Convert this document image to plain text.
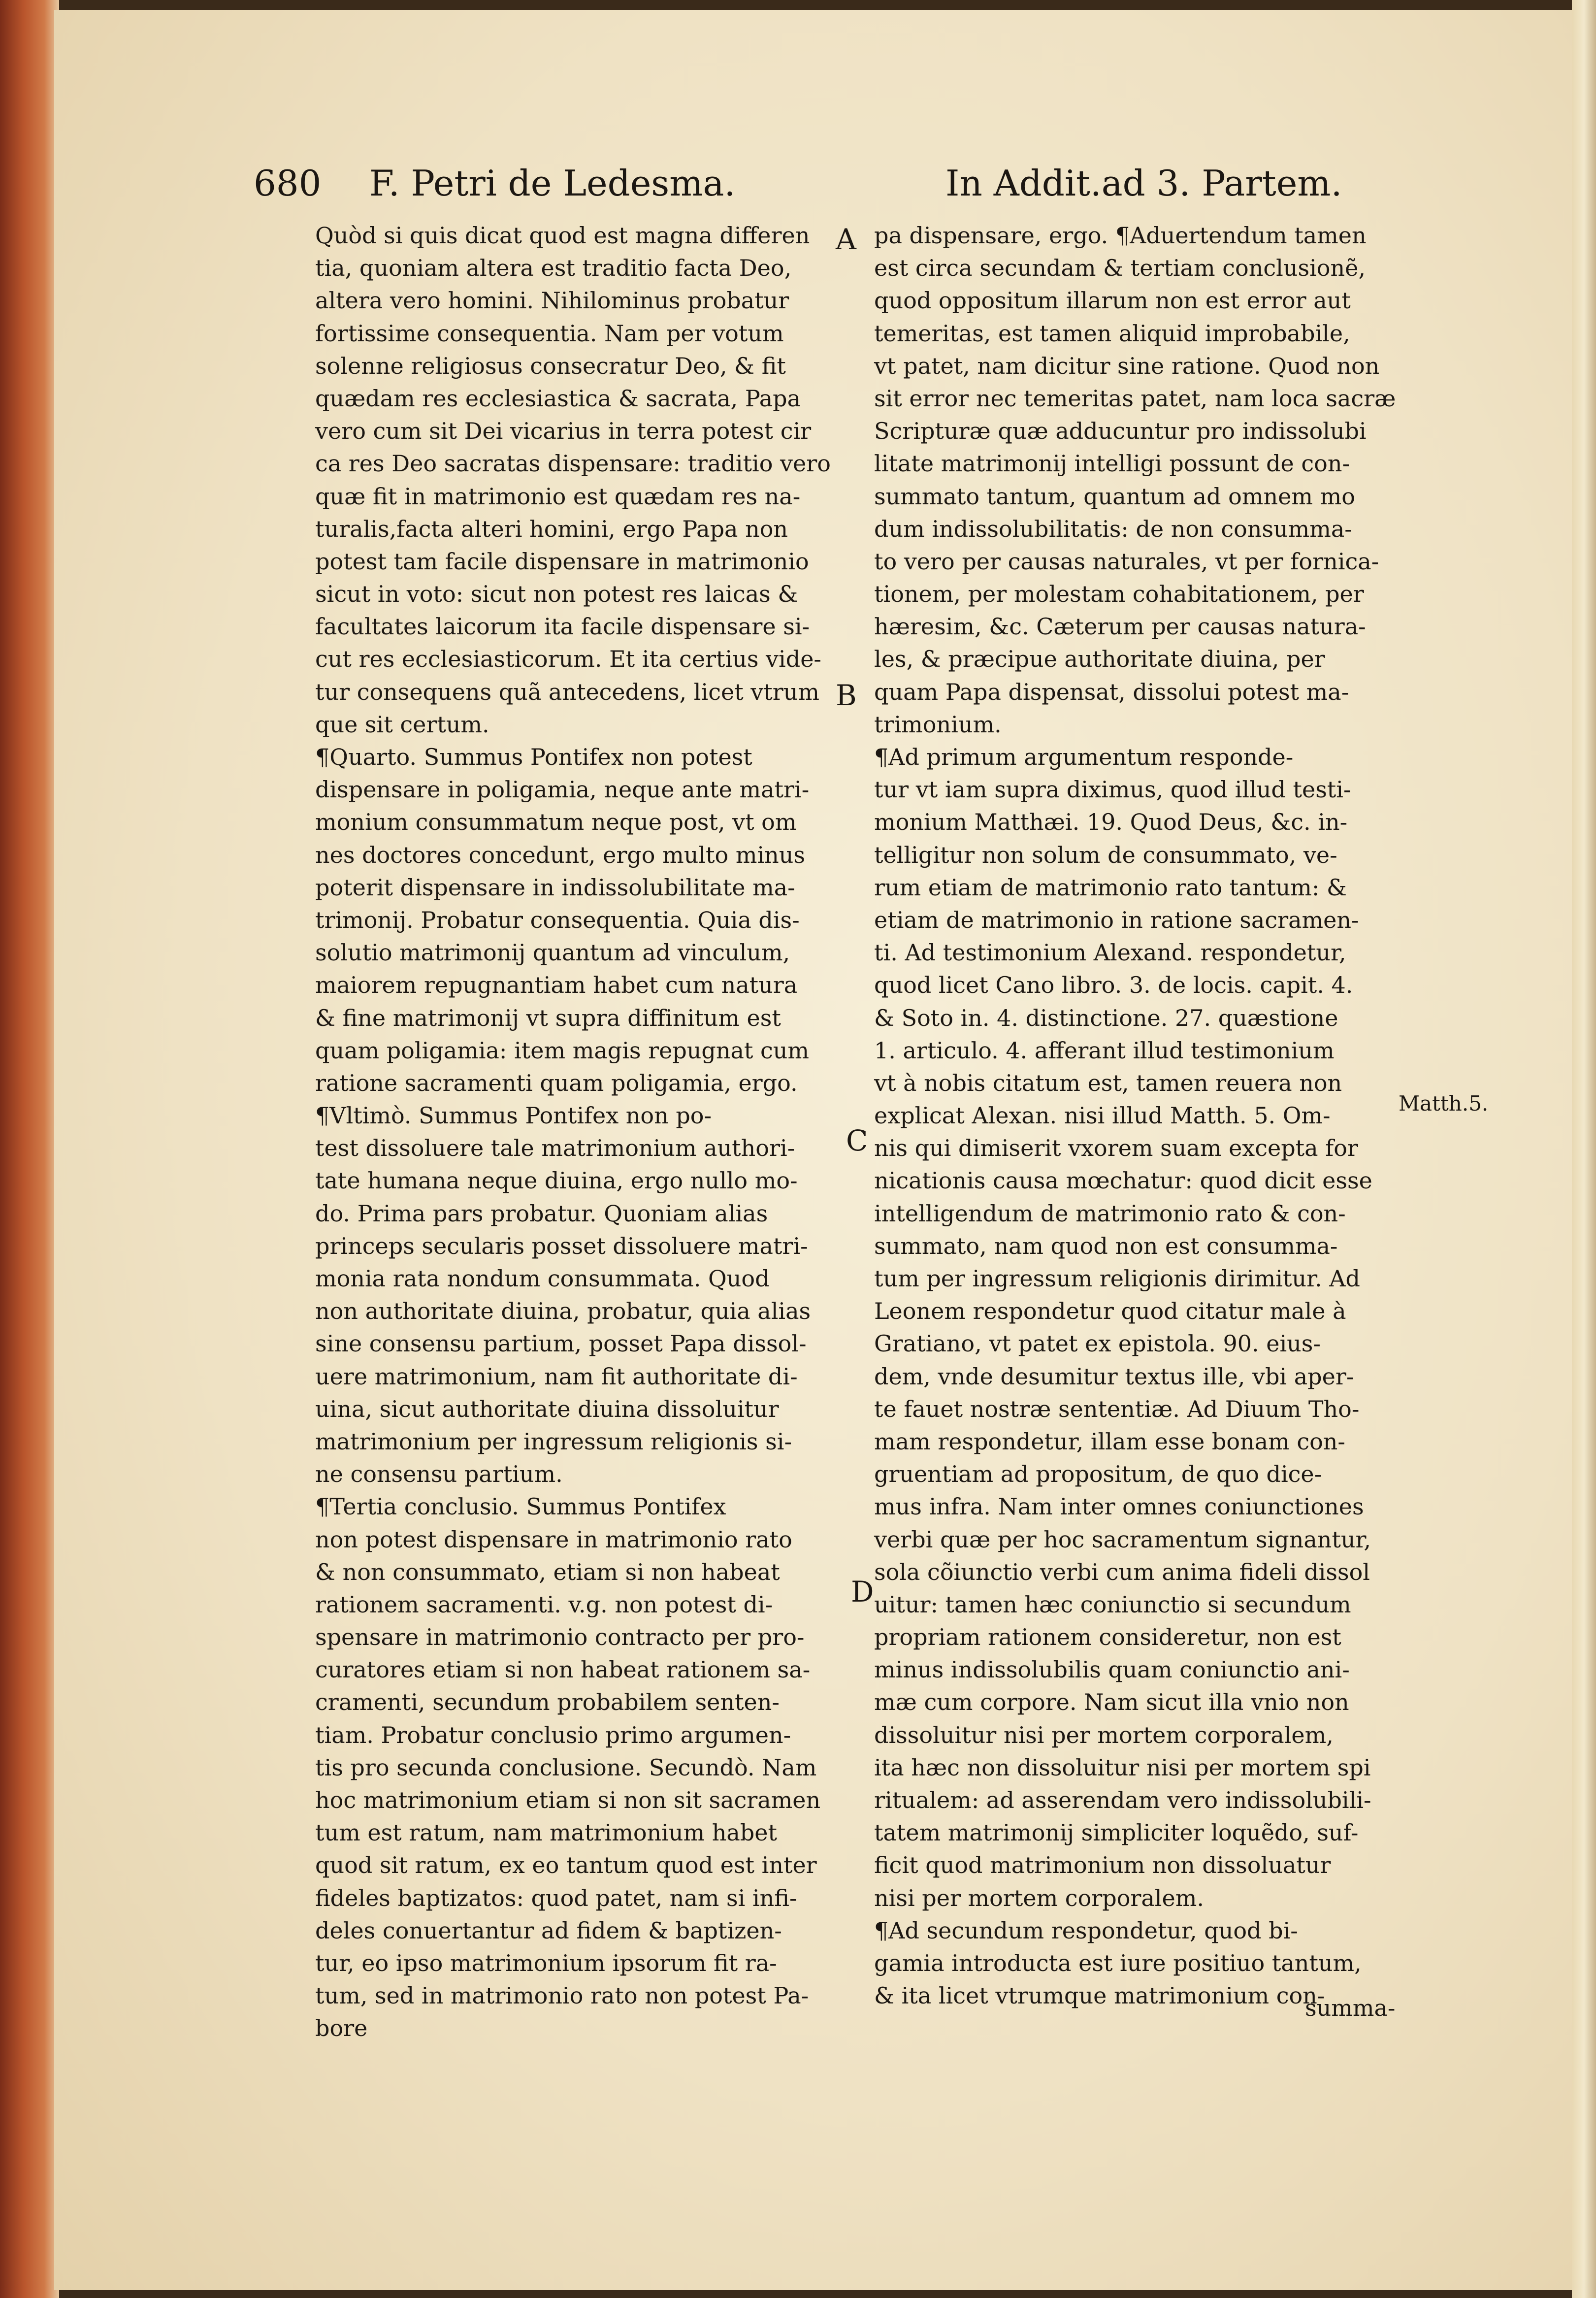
680 F. Petri de Ledesma.	In Addit.ad 3. Partem.
Quòd si quis dicat quod est magna differen
tia, quoniam altera est traditio facta Deo,
altera vero homini. Nihilominus probatur
fortissime consequentia. Nam per votum
solenne religiosus consecratur Deo, & fit
quædam res ecclesiastica & sacrata, Papa
vero cum sit Dei vicarius in terra potest cir
ca res Deo sacratas dispensare: traditio vero
quæ fit in matrimonio est quædam res na-
turalis,facta alteri homini, ergo Papa non
potest tam facile dispensare in matrimonio
sicut in voto: sicut non potest res laicas &
facultates laicorum ita facile dispensare si-
cut res ecclesiasticorum. Et ita certius vide-
tur consequens quã antecedens, licet vtrum
que sit certum.
¶Quarto. Summus Pontifex non potest
dispensare in poligamia, neque ante matri-
monium consummatum neque post, vt om
nes doctores concedunt, ergo multo minus
poterit dispensare in indissolubilitate ma-
trimonij. Probatur consequentia. Quia dis-
solutio matrimonij quantum ad vinculum,
maiorem repugnantiam habet cum natura
& fine matrimonij vt supra diffinitum est
quam poligamia: item magis repugnat cum
ratione sacramenti quam poligamia, ergo.
¶Vltimò. Summus Pontifex non po-
test dissoluere tale matrimonium authori-
tate humana neque diuina, ergo nullo mo-
do. Prima pars probatur. Quoniam alias
princeps secularis posset dissoluere matri-
monia rata nondum consummata. Quod
non authoritate diuina, probatur, quia alias
sine consensu partium, posset Papa dissol-
uere matrimonium, nam fit authoritate di-
uina, sicut authoritate diuina dissoluitur
matrimonium per ingressum religionis si-
ne consensu partium.
¶Tertia conclusio. Summus Pontifex
non potest dispensare in matrimonio rato
& non consummato, etiam si non habeat
rationem sacramenti. v.g. non potest di-
spensare in matrimonio contracto per pro-
curatores etiam si non habeat rationem sa-
cramenti, secundum probabilem senten-
tiam. Probatur conclusio primo argumen-
tis pro secunda conclusione. Secundò. Nam
hoc matrimonium etiam si non sit sacramen
tum est ratum, nam matrimonium habet
quod sit ratum, ex eo tantum quod est inter
fideles baptizatos: quod patet, nam si infi-
deles conuertantur ad fidem & baptizen-
tur, eo ipso matrimonium ipsorum fit ra-
tum, sed in matrimonio rato non potest Pa-
bore
pa dispensare, ergo. ¶Aduertendum tamen
est circa secundam & tertiam conclusionẽ,
quod oppositum illarum non est error aut
temeritas, est tamen aliquid improbabile,
vt patet, nam dicitur sine ratione. Quod non
sit error nec temeritas patet, nam loca sacræ
Scripturæ quæ adducuntur pro indissolubi
litate matrimonij intelligi possunt de con-
summato tantum, quantum ad omnem mo
dum indissolubilitatis: de non consumma-
to vero per causas naturales, vt per fornica-
tionem, per molestam cohabitationem, per
hæresim, &c. Cæterum per causas natura-
les, & præcipue authoritate diuina, per
quam Papa dispensat, dissolui potest ma-
trimonium.
¶Ad primum argumentum responde-
tur vt iam supra diximus, quod illud testi-
monium Matthæi. 19. Quod Deus, &c. in-
telligitur non solum de consummato, ve-
rum etiam de matrimonio rato tantum: &
etiam de matrimonio in ratione sacramen-
ti. Ad testimonium Alexand. respondetur,
quod licet Cano libro. 3. de locis. capit. 4.
& Soto in. 4. distinctione. 27. quæstione
1. articulo. 4. afferant illud testimonium
vt à nobis citatum est, tamen reuera non
explicat Alexan. nisi illud Matth. 5. Om-
nis qui dimiserit vxorem suam excepta for
nicationis causa mœchatur: quod dicit esse
intelligendum de matrimonio rato & con-
summato, nam quod non est consumma-
tum per ingressum religionis dirimitur. Ad
Leonem respondetur quod citatur male à
Gratiano, vt patet ex epistola. 90. eius-
dem, vnde desumitur textus ille, vbi aper-
te fauet nostræ sententiæ. Ad Diuum Tho-
mam respondetur, illam esse bonam con-
gruentiam ad propositum, de quo dice-
mus infra. Nam inter omnes coniunctiones
verbi quæ per hoc sacramentum signantur,
sola cõiunctio verbi cum anima fideli dissol
uitur: tamen hæc coniunctio si secundum
propriam rationem consideretur, non est
minus indissolubilis quam coniunctio ani-
mæ cum corpore. Nam sicut illa vnio non
dissoluitur nisi per mortem corporalem,
ita hæc non dissoluitur nisi per mortem spi
ritualem: ad asserendam vero indissolubili-
tatem matrimonij simpliciter loquẽdo, suf-
ficit quod matrimonium non dissoluatur
nisi per mortem corporalem.
¶Ad secundum respondetur, quod bi-
gamia introducta est iure positiuo tantum,
& ita licet vtrumque matrimonium con-
A
B
C
D
Matth.5.
summa-
